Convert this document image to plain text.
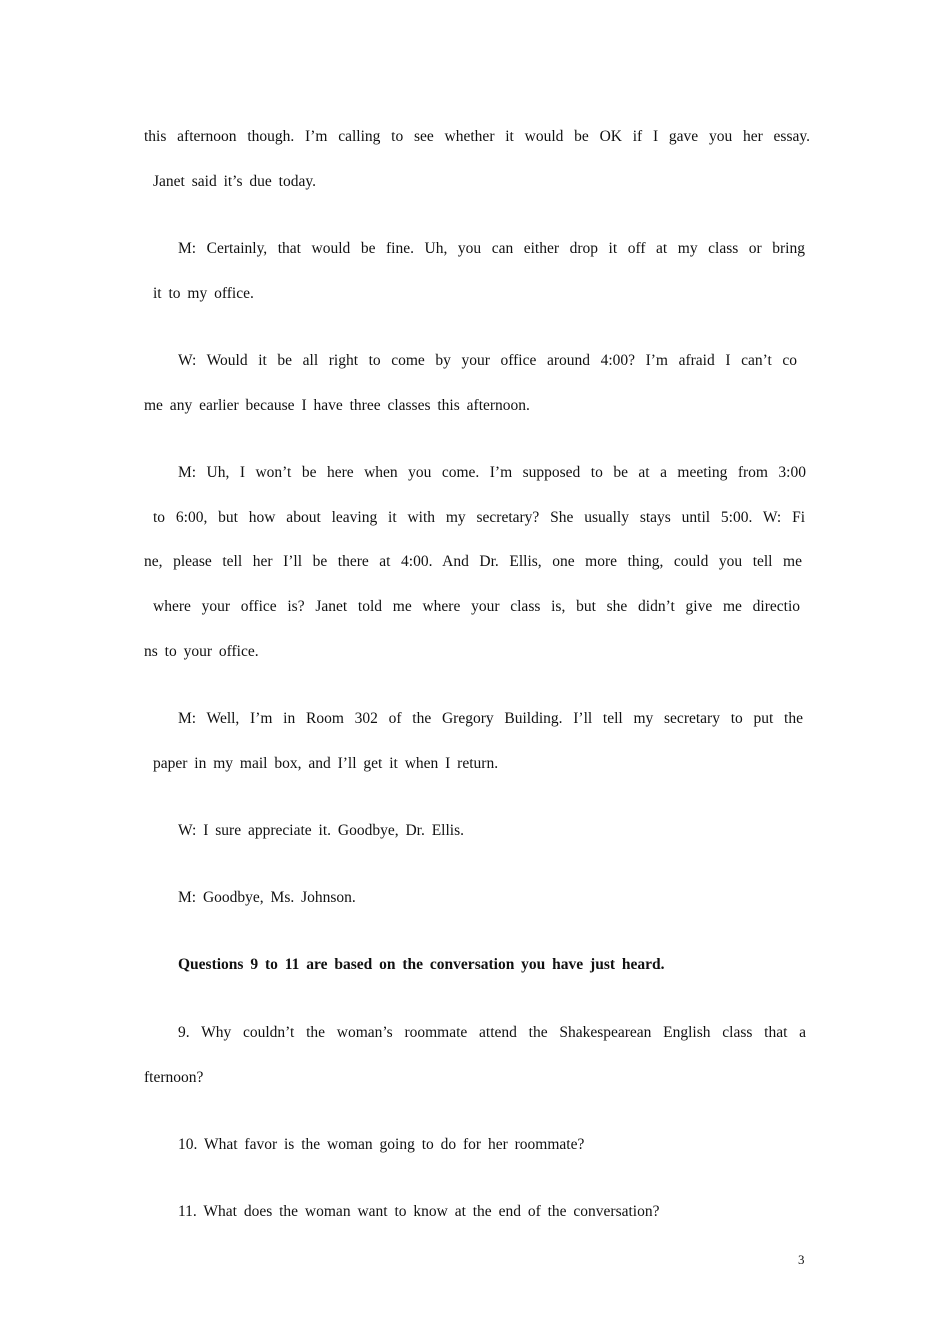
this afternoon though. I’m calling to see whether it would be OK if I gave you her essay.
Janet said it’s due today.
M: Certainly, that would be fine. Uh, you can either drop it off at my class or bring
it to my office.
W: Would it be all right to come by your office around 4:00? I’m afraid I can’t co
me any earlier because I have three classes this afternoon.
M: Uh, I won’t be here when you come. I’m supposed to be at a meeting from 3:00
to 6:00, but how about leaving it with my secretary? She usually stays until 5:00. W: Fi
ne, please tell her I’ll be there at 4:00. And Dr. Ellis, one more thing, could you tell me
where your office is? Janet told me where your class is, but she didn’t give me directio
ns to your office.
M: Well, I’m in Room 302 of the Gregory Building. I’ll tell my secretary to put the
paper in my mail box, and I’ll get it when I return.
W: I sure appreciate it. Goodbye, Dr. Ellis.
M: Goodbye, Ms. Johnson.
Questions 9 to 11 are based on the conversation you have just heard.
9. Why couldn’t the woman’s roommate attend the Shakespearean English class that a
fternoon?
10. What favor is the woman going to do for her roommate?
11. What does the woman want to know at the end of the conversation?
3
